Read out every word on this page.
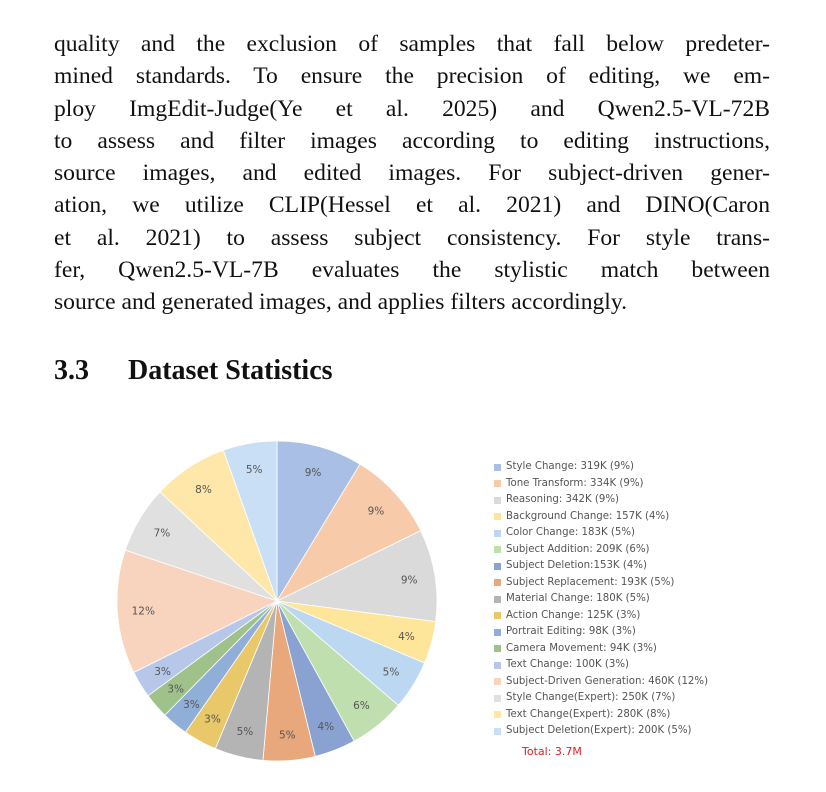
quality and the exclusion of samples that fall below predeter-
mined standards. To ensure the precision of editing, we em-
ploy ImgEdit-Judge(Ye et al. 2025) and Qwen2.5-VL-72B
to assess and filter images according to editing instructions,
source images, and edited images. For subject-driven gener-
ation, we utilize CLIP(Hessel et al. 2021) and DINO(Caron
et al. 2021) to assess subject consistency. For style trans-
fer, Qwen2.5-VL-7B evaluates the stylistic match between
source and generated images, and applies filters accordingly.
3.3 Dataset Statistics
9%
9%
9%
4%
5%
6%
4%
5%
5%
3%
3%
3%
3%
12%
7%
8%
5%	Style Change: 319K (9%)
Tone Transform: 334K (9%)
Reasoning: 342K (9%)
Background Change: 157K (4%)
Color Change: 183K (5%)
Subject Addition: 209K (6%)
Subject Deletion:153K (4%)
Subject Replacement: 193K (5%)
Material Change: 180K (5%)
Action Change: 125K (3%)
Portrait Editing: 98K (3%)
Camera Movement: 94K (3%)
Text Change: 100K (3%)
Subject-Driven Generation: 460K (12%)
Style Change(Expert): 250K (7%)
Text Change(Expert): 280K (8%)
Subject Deletion(Expert): 200K (5%)
Total: 3.7M
